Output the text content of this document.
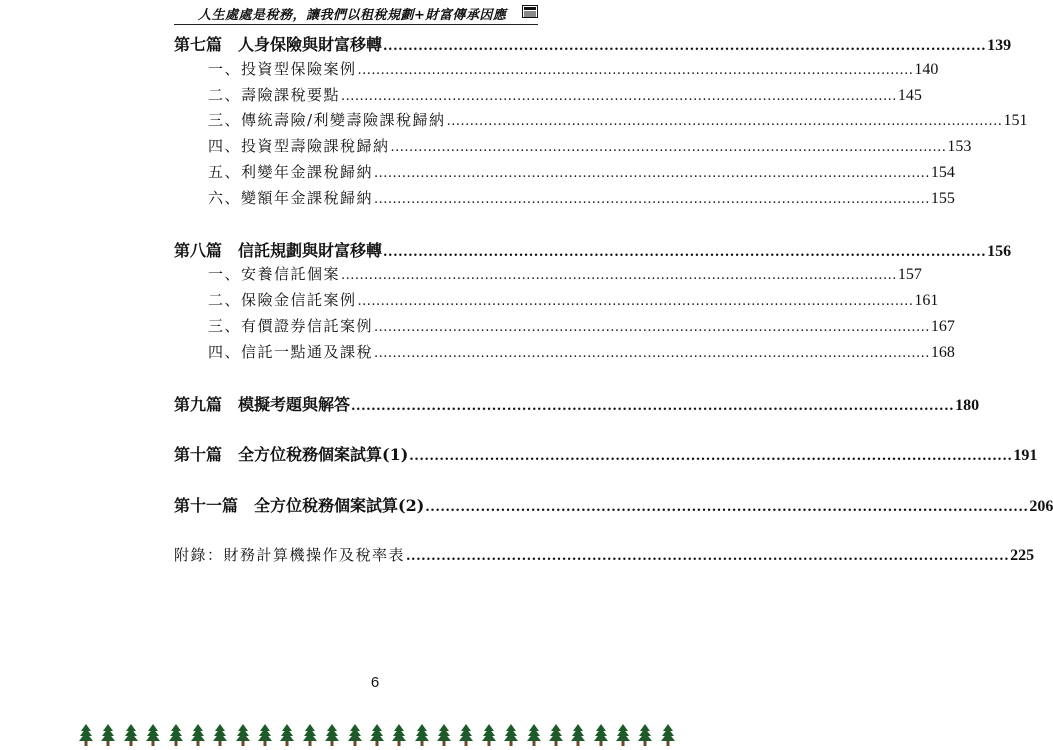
人生處處是稅務，讓我們以租稅規劃+財富傳承因應
第七篇　人身保險與財富移轉 ........................................................................................................................ 139
一、投資型保險案例 ........................................................................................................................ 140
二、壽險課稅要點 ........................................................................................................................ 145
三、傳統壽險/利變壽險課稅歸納 ........................................................................................................................ 151
四、投資型壽險課稅歸納 ........................................................................................................................ 153
五、利變年金課稅歸納 ........................................................................................................................ 154
六、變額年金課稅歸納 ........................................................................................................................ 155
第八篇　信託規劃與財富移轉 ........................................................................................................................ 156
一、安養信託個案 ........................................................................................................................ 157
二、保險金信託案例 ........................................................................................................................ 161
三、有價證券信託案例 ........................................................................................................................ 167
四、信託一點通及課稅 ........................................................................................................................ 168
第九篇　模擬考題與解答 ........................................................................................................................ 180
第十篇　全方位稅務個案試算(1) ........................................................................................................................ 191
第十一篇　全方位稅務個案試算(2) ........................................................................................................................ 206
附錄：財務計算機操作及稅率表 ........................................................................................................................ 225
6
